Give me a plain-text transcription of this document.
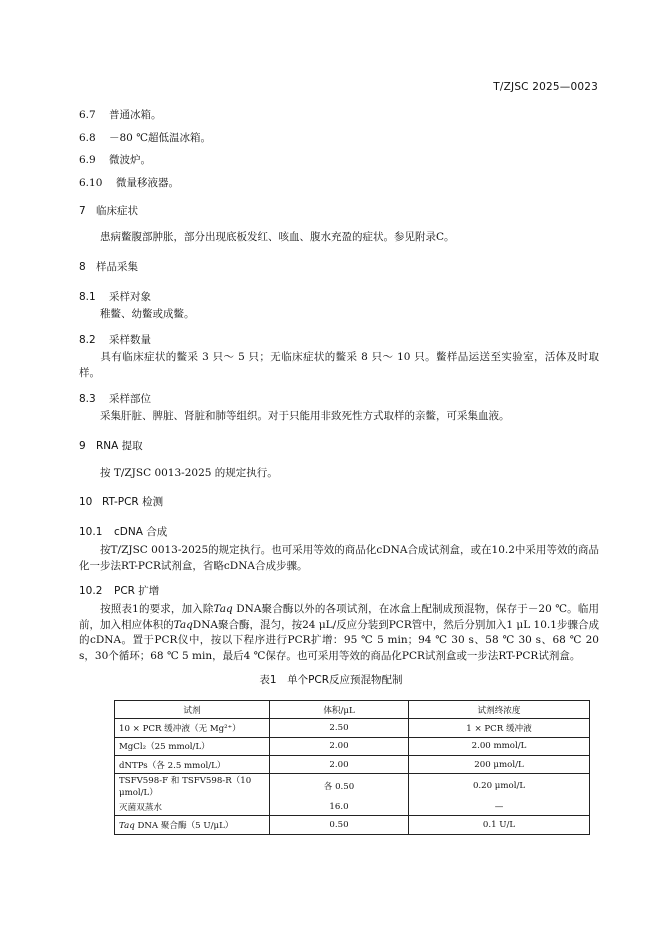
T/ZJSC 2025—0023
6.7 普通冰箱。
6.8 －80 ℃超低温冰箱。
6.9 微波炉。
6.10 微量移液器。
7 临床症状
患病鳖腹部肿胀，部分出现底板发红、咳血、腹水充盈的症状。参见附录C。
8 样品采集
8.1 采样对象
稚鳖、幼鳖或成鳖。
8.2 采样数量
具有临床症状的鳖采 3 只～ 5 只；无临床症状的鳖采 8 只～ 10 只。鳖样品运送至实验室，活体及时取样。
8.3 采样部位
采集肝脏、脾脏、肾脏和肺等组织。对于只能用非致死性方式取样的亲鳖，可采集血液。
9 RNA 提取
按 T/ZJSC 0013-2025 的规定执行。
10 RT-PCR 检测
10.1 cDNA 合成
按T/ZJSC 0013-2025的规定执行。也可采用等效的商品化cDNA合成试剂盒，或在10.2中采用等效的商品化一步法RT-PCR试剂盒，省略cDNA合成步骤。
10.2 PCR 扩增
按照表1的要求，加入除Taq DNA聚合酶以外的各项试剂，在冰盒上配制成预混物，保存于－20 ℃。临用前，加入相应体积的TaqDNA聚合酶，混匀，按24 μL/反应分装到PCR管中，然后分别加入1 μL 10.1步骤合成的cDNA。置于PCR仪中，按以下程序进行PCR扩增：95 ℃ 5 min；94 ℃ 30 s、58 ℃ 30 s、68 ℃ 20 s，30个循环；68 ℃ 5 min，最后4 ℃保存。也可采用等效的商品化PCR试剂盒或一步法RT-PCR试剂盒。
表1　单个PCR反应预混物配制
试剂	体积/μL	试剂终浓度
10 × PCR 缓冲液（无 Mg²⁺）	2.50	1 × PCR 缓冲液
MgCl₂（25 mmol/L）	2.00	2.00 mmol/L
dNTPs（各 2.5 mmol/L）	2.00	200 μmol/L
TSFV598-F 和 TSFV598-R（10 μmol/L）	各 0.50	0.20 μmol/L
灭菌双蒸水	16.0	—
Taq DNA 聚合酶（5 U/μL）	0.50	0.1 U/L
